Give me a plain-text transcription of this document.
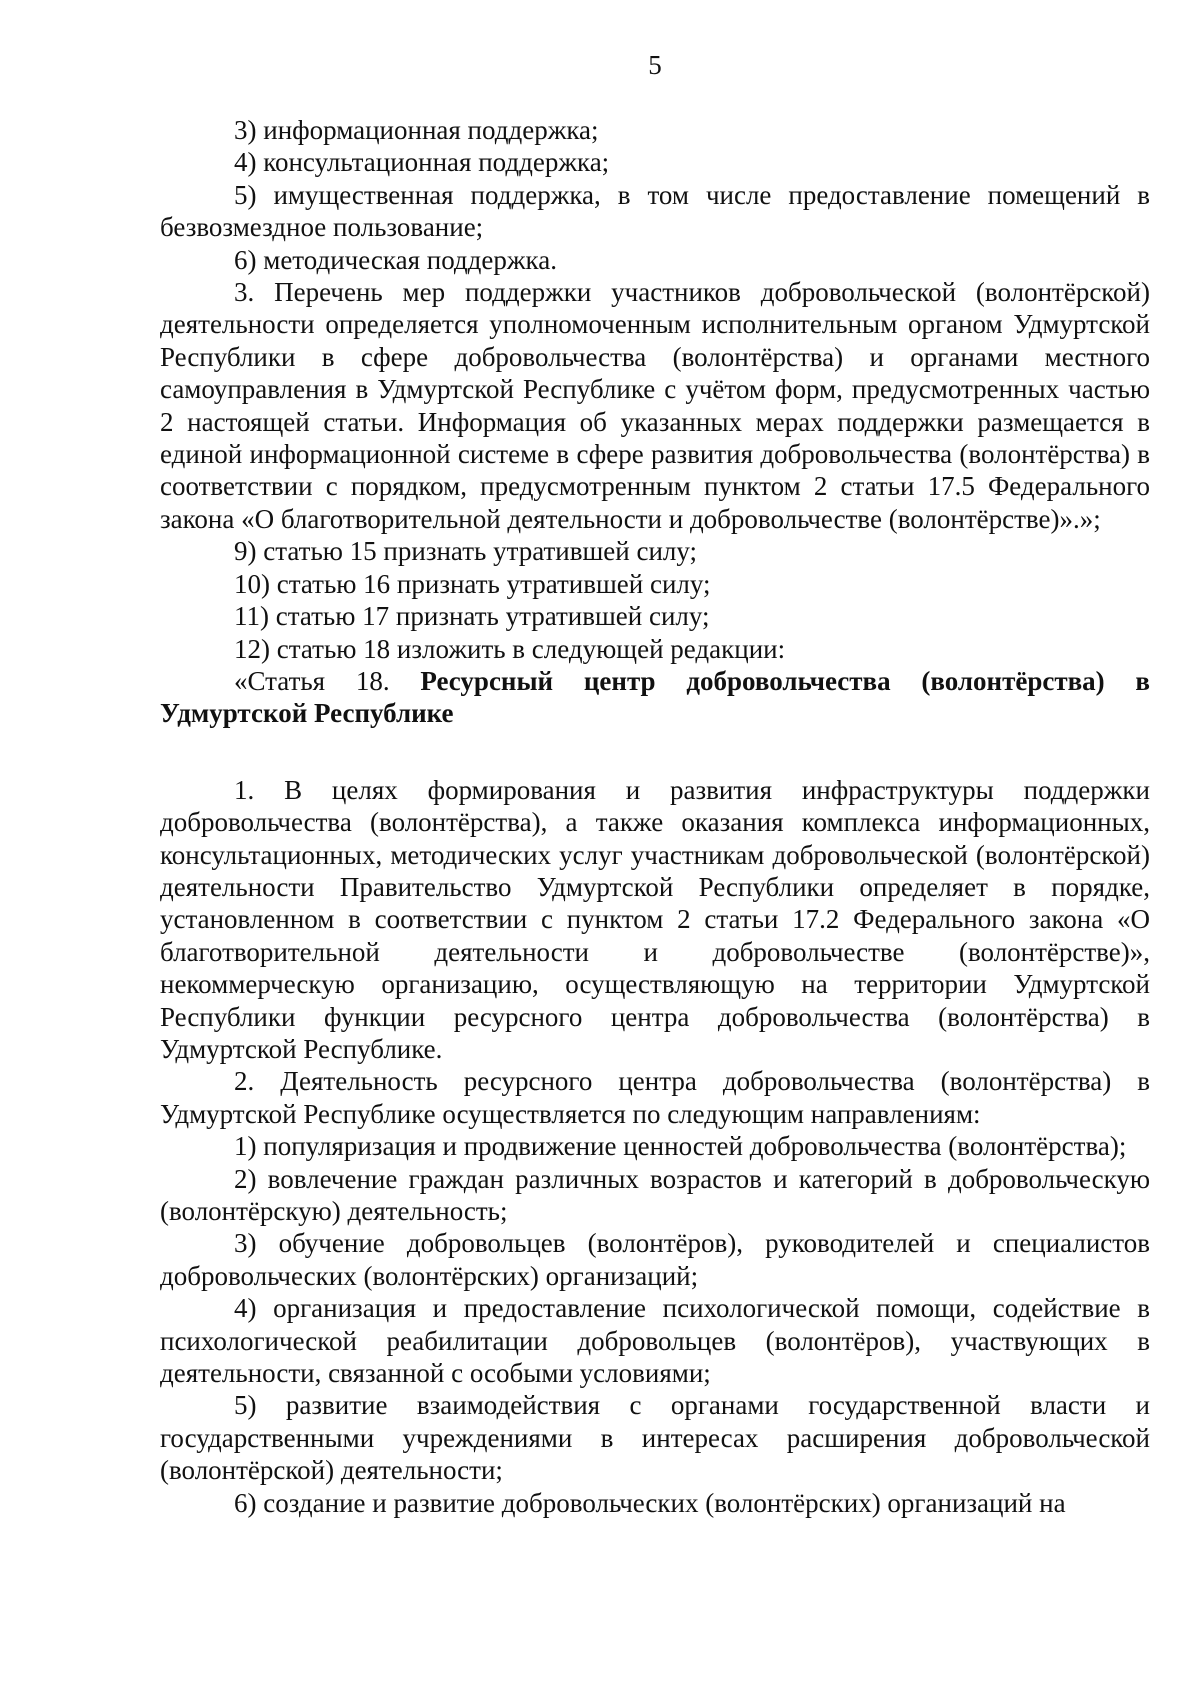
5

3) информационная поддержка;

4) консультационная поддержка;

5) имущественная поддержка, в том числе предоставление помещений в безвозмездное пользование;

6) методическая поддержка.

3. Перечень мер поддержки участников добровольческой (волонтёрской) деятельности определяется уполномоченным исполнительным органом Удмуртской Республики в сфере добровольчества (волонтёрства) и органами местного самоуправления в Удмуртской Республике с учётом форм, предусмотренных частью 2 настоящей статьи. Информация об указанных мерах поддержки размещается в единой информационной системе в сфере развития добровольчества (волонтёрства) в соответствии с порядком, предусмотренным пунктом 2 статьи 17.5 Федерального закона «О благотворительной деятельности и добровольчестве (волонтёрстве)».»;

9) статью 15 признать утратившей силу;

10) статью 16 признать утратившей силу;

11) статью 17 признать утратившей силу;

12) статью 18 изложить в следующей редакции:

«Статья 18. Ресурсный центр добровольчества (волонтёрства) в Удмуртской Республике

1. В целях формирования и развития инфраструктуры поддержки добровольчества (волонтёрства), а также оказания комплекса информационных, консультационных, методических услуг участникам добровольческой (волонтёрской) деятельности Правительство Удмуртской Республики определяет в порядке, установленном в соответствии с пунктом 2 статьи 17.2 Федерального закона «О благотворительной деятельности и добровольчестве (волонтёрстве)», некоммерческую организацию, осуществляющую на территории Удмуртской Республики функции ресурсного центра добровольчества (волонтёрства) в Удмуртской Республике.

2. Деятельность ресурсного центра добровольчества (волонтёрства) в Удмуртской Республике осуществляется по следующим направлениям:

1) популяризация и продвижение ценностей добровольчества (волонтёрства);

2) вовлечение граждан различных возрастов и категорий в добровольческую (волонтёрскую) деятельность;

3) обучение добровольцев (волонтёров), руководителей и специалистов добровольческих (волонтёрских) организаций;

4) организация и предоставление психологической помощи, содействие в психологической реабилитации добровольцев (волонтёров), участвующих в деятельности, связанной с особыми условиями;

5) развитие взаимодействия с органами государственной власти и государственными учреждениями в интересах расширения добровольческой (волонтёрской) деятельности;

6) создание и развитие добровольческих (волонтёрских) организаций на
